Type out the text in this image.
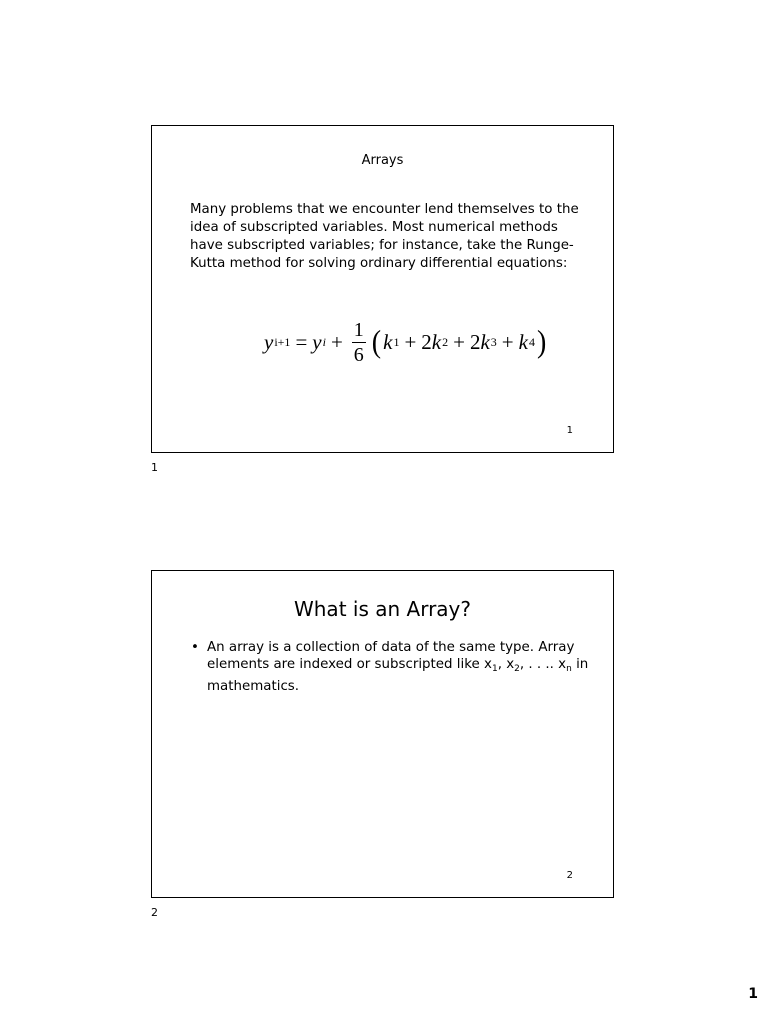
Arrays
Many problems that we encounter lend themselves to the idea of subscripted variables. Most numerical methods have subscripted variables; for instance, take the Runge-Kutta method for solving ordinary differential equations:
y i+1 = y $i + \frac{1}{6}$ ( k 1 + 2 k 2 + 2 k 3 + k 4 )
1
1
What is an Array?
• An array is a collection of data of the same type. Array elements are indexed or subscripted like $x_1$, $x_2$, . . .. $x_n$ in mathematics.
2
2
1
